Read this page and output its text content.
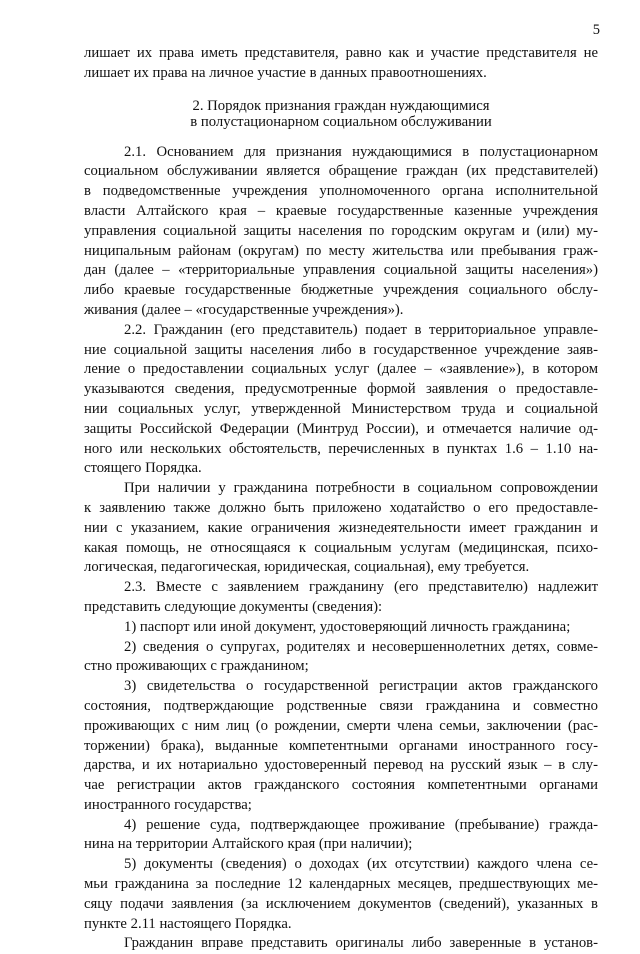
5
лишает их права иметь представителя, равно как и участие представителя не
лишает их права на личное участие в данных правоотношениях.
2. Порядок признания граждан нуждающимися
в полустационарном социальном обслуживании
2.1. Основанием для признания нуждающимися в полустационарном
социальном обслуживании является обращение граждан (их представителей)
в подведомственные учреждения уполномоченного органа исполнительной
власти Алтайского края – краевые государственные казенные учреждения
управления социальной защиты населения по городским округам и (или) му-
ниципальным районам (округам) по месту жительства или пребывания граж-
дан (далее – «территориальные управления социальной защиты населения»)
либо краевые государственные бюджетные учреждения социального обслу-
живания (далее – «государственные учреждения»).
2.2. Гражданин (его представитель) подает в территориальное управле-
ние социальной защиты населения либо в государственное учреждение заяв-
ление о предоставлении социальных услуг (далее – «заявление»), в котором
указываются сведения, предусмотренные формой заявления о предоставле-
нии социальных услуг, утвержденной Министерством труда и социальной
защиты Российской Федерации (Минтруд России), и отмечается наличие од-
ного или нескольких обстоятельств, перечисленных в пунктах 1.6 – 1.10 на-
стоящего Порядка.
При наличии у гражданина потребности в социальном сопровождении
к заявлению также должно быть приложено ходатайство о его предоставле-
нии с указанием, какие ограничения жизнедеятельности имеет гражданин и
какая помощь, не относящаяся к социальным услугам (медицинская, психо-
логическая, педагогическая, юридическая, социальная), ему требуется.
2.3. Вместе с заявлением гражданину (его представителю) надлежит
представить следующие документы (сведения):
1) паспорт или иной документ, удостоверяющий личность гражданина;
2) сведения о супругах, родителях и несовершеннолетних детях, совме-
стно проживающих с гражданином;
3) свидетельства о государственной регистрации актов гражданского
состояния, подтверждающие родственные связи гражданина и совместно
проживающих с ним лиц (о рождении, смерти члена семьи, заключении (рас-
торжении) брака), выданные компетентными органами иностранного госу-
дарства, и их нотариально удостоверенный перевод на русский язык – в слу-
чае регистрации актов гражданского состояния компетентными органами
иностранного государства;
4) решение суда, подтверждающее проживание (пребывание) гражда-
нина на территории Алтайского края (при наличии);
5) документы (сведения) о доходах (их отсутствии) каждого члена се-
мьи гражданина за последние 12 календарных месяцев, предшествующих ме-
сяцу подачи заявления (за исключением документов (сведений), указанных в
пункте 2.11 настоящего Порядка.
Гражданин вправе представить оригиналы либо заверенные в установ-
